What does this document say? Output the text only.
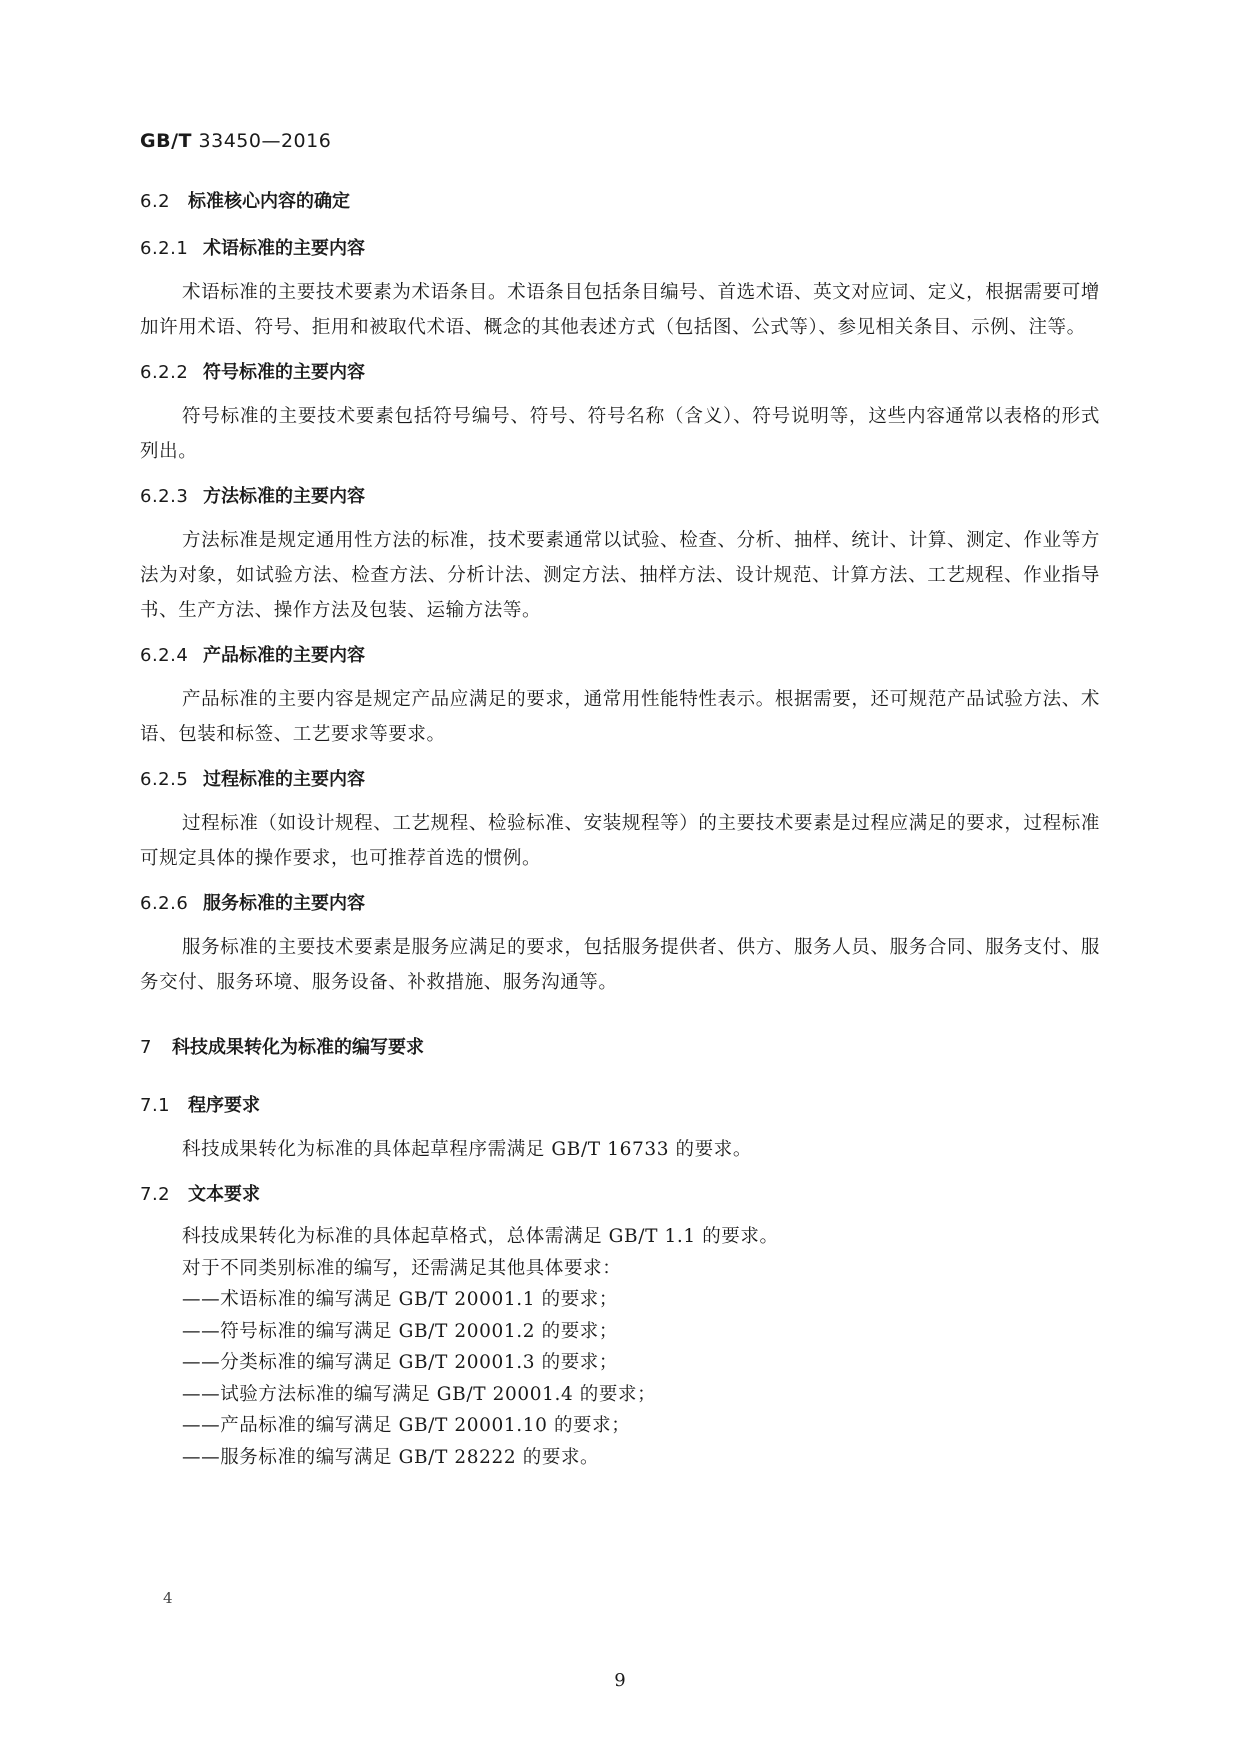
GB/T 33450—2016
6.2 标准核心内容的确定
6.2.1 术语标准的主要内容

术语标准的主要技术要素为术语条目。术语条目包括条目编号、首选术语、英文对应词、定义，根据需要可增加许用术语、符号、拒用和被取代术语、概念的其他表述方式（包括图、公式等）、参见相关条目、示例、注等。

6.2.2 符号标准的主要内容

符号标准的主要技术要素包括符号编号、符号、符号名称（含义）、符号说明等，这些内容通常以表格的形式列出。

6.2.3 方法标准的主要内容

方法标准是规定通用性方法的标准，技术要素通常以试验、检查、分析、抽样、统计、计算、测定、作业等方法为对象，如试验方法、检查方法、分析计法、测定方法、抽样方法、设计规范、计算方法、工艺规程、作业指导书、生产方法、操作方法及包装、运输方法等。

6.2.4 产品标准的主要内容

产品标准的主要内容是规定产品应满足的要求，通常用性能特性表示。根据需要，还可规范产品试验方法、术语、包装和标签、工艺要求等要求。

6.2.5 过程标准的主要内容

过程标准（如设计规程、工艺规程、检验标准、安装规程等）的主要技术要素是过程应满足的要求，过程标准可规定具体的操作要求，也可推荐首选的惯例。

6.2.6 服务标准的主要内容

服务标准的主要技术要素是服务应满足的要求，包括服务提供者、供方、服务人员、服务合同、服务支付、服务交付、服务环境、服务设备、补救措施、服务沟通等。

7	科技成果转化为标准的编写要求
7.1 程序要求

科技成果转化为标准的具体起草程序需满足 GB/T 16733 的要求。

7.2 文本要求

科技成果转化为标准的具体起草格式，总体需满足 GB/T 1.1 的要求。

对于不同类别标准的编写，还需满足其他具体要求：

——术语标准的编写满足 GB/T 20001.1 的要求；

——符号标准的编写满足 GB/T 20001.2 的要求；

——分类标准的编写满足 GB/T 20001.3 的要求；

——试验方法标准的编写满足 GB/T 20001.4 的要求；

——产品标准的编写满足 GB/T 20001.10 的要求；

——服务标准的编写满足 GB/T 28222 的要求。

4
9
